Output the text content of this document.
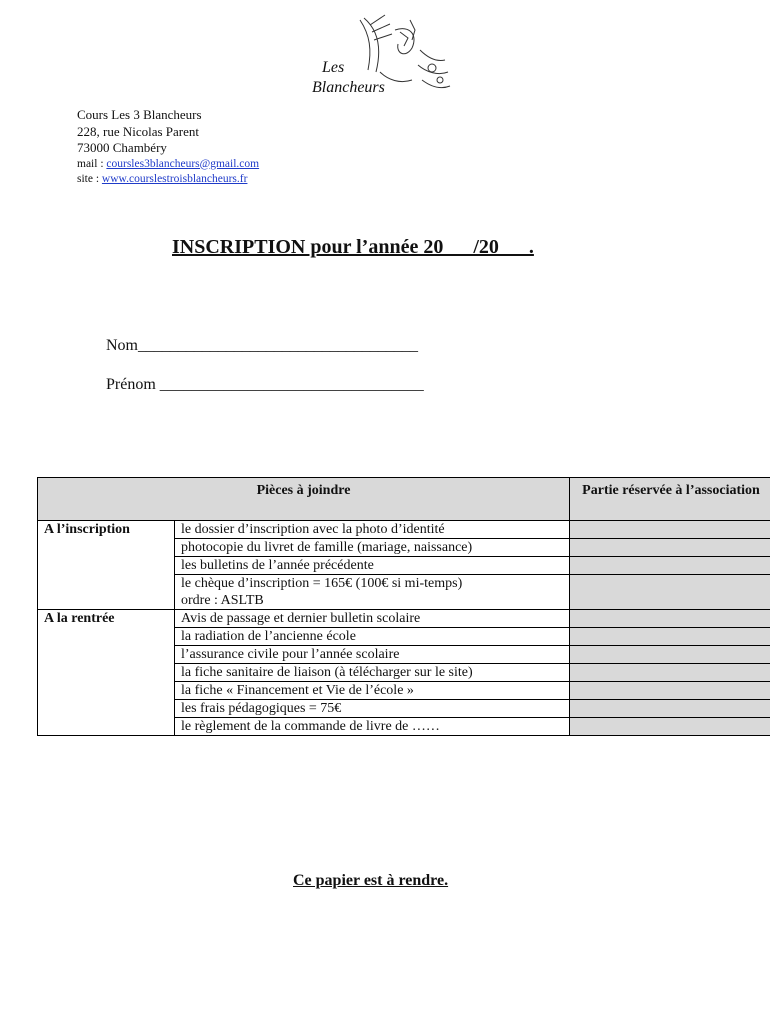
Les
Blancheurs
Cours Les 3 Blancheurs
228, rue Nicolas Parent
73000 Chambéry
mail : coursles3blancheurs@gmail.com
site : www.courslestroisblancheurs.fr
INSCRIPTION pour l’année 20      /20      .
Nom___________________________________
Prénom _________________________________
Pièces à joindre		Partie réservée à l’association
A l’inscription	le dossier d’inscription avec la photo d’identité	
	photocopie du livret de famille (mariage, naissance)	
	les bulletins de l’année précédente	

	le chèque d’inscription = 165€ (100€ si mi-temps)
ordre : ASLTB	

A la rentrée	Avis de passage et dernier bulletin scolaire	
	la radiation de l’ancienne école	
	l’assurance civile pour l’année scolaire	
	la fiche sanitaire de liaison (à télécharger sur le site)	
	la fiche « Financement et Vie de l’école »	
	les frais pédagogiques = 75€	
	le règlement de la commande de livre de ……	
Ce papier est à rendre.
